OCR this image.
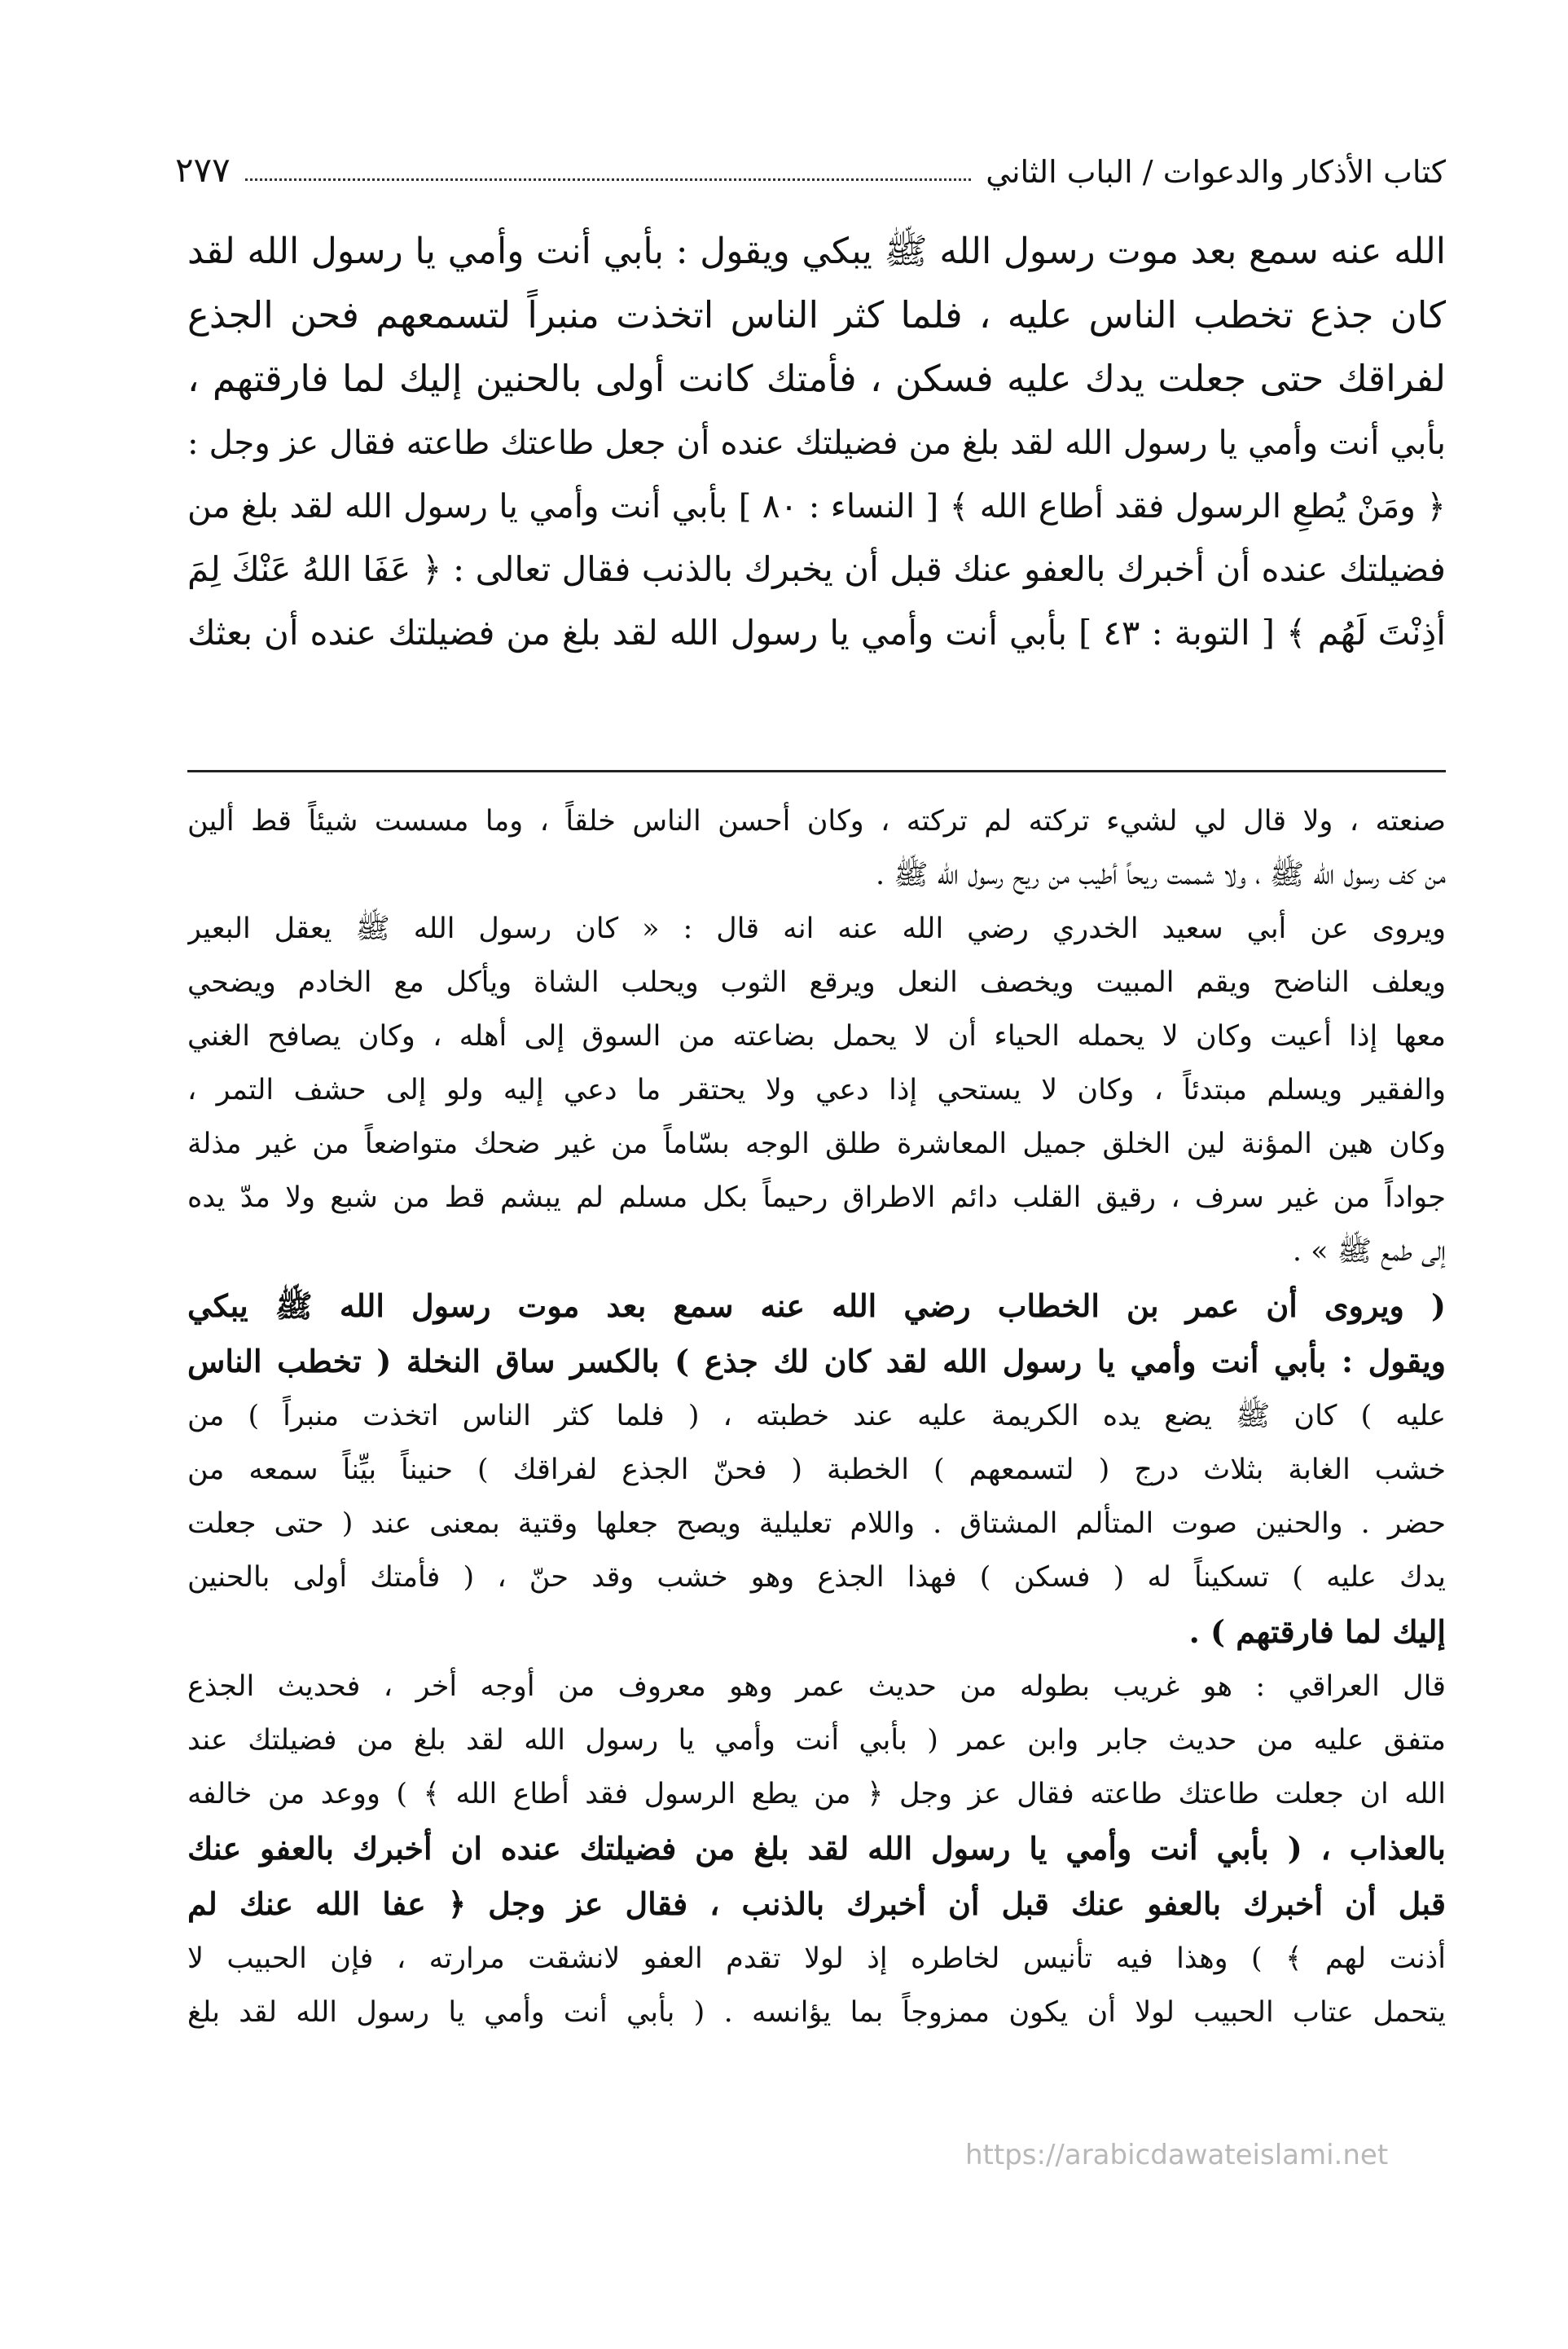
كتاب الأذكار والدعوات / الباب الثاني
٢٧٧

الله عنه سمع بعد موت رسول الله ﷺ يبكي ويقول : بأبي أنت وأمي يا رسول الله لقد

كان جذع تخطب الناس عليه ، فلما كثر الناس اتخذت منبراً لتسمعهم فحن الجذع

لفراقك حتى جعلت يدك عليه فسكن ، فأمتك كانت أولى بالحنين إليك لما فارقتهم ،

بأبي أنت وأمي يا رسول الله لقد بلغ من فضيلتك عنده أن جعل طاعتك طاعته فقال عز وجل :

﴿ ومَنْ يُطعِ الرسول فقد أطاع الله ﴾ [ النساء : ٨٠ ] بأبي أنت وأمي يا رسول الله لقد بلغ من

فضيلتك عنده أن أخبرك بالعفو عنك قبل أن يخبرك بالذنب فقال تعالى : ﴿ عَفَا اللهُ عَنْكَ لِمَ

أذِنْتَ لَهُم ﴾ [ التوبة : ٤٣ ] بأبي أنت وأمي يا رسول الله لقد بلغ من فضيلتك عنده أن بعثك

صنعته ، ولا قال لي لشيء تركته لم تركته ، وكان أحسن الناس خلقاً ، وما مسست شيئاً قط ألين

من كف رسول الله ﷺ ، ولا شممت ريحاً أطيب من ريح رسول الله ﷺ .

ويروى عن أبي سعيد الخدري رضي الله عنه انه قال : « كان رسول الله ﷺ يعقل البعير

ويعلف الناضح ويقم المبيت ويخصف النعل ويرقع الثوب ويحلب الشاة ويأكل مع الخادم ويضحي

معها إذا أعيت وكان لا يحمله الحياء أن لا يحمل بضاعته من السوق إلى أهله ، وكان يصافح الغني

والفقير ويسلم مبتدئاً ، وكان لا يستحي إذا دعي ولا يحتقر ما دعي إليه ولو إلى حشف التمر ،

وكان هين المؤنة لين الخلق جميل المعاشرة طلق الوجه بسّاماً من غير ضحك متواضعاً من غير مذلة

جواداً من غير سرف ، رقيق القلب دائم الاطراق رحيماً بكل مسلم لم يبشم قط من شبع ولا مدّ يده

إلى طمع ﷺ » .

( ويروى أن عمر بن الخطاب رضي الله عنه سمع بعد موت رسول الله ﷺ يبكي

ويقول : بأبي أنت وأمي يا رسول الله لقد كان لك جذع ) بالكسر ساق النخلة ( تخطب الناس

عليه ) كان ﷺ يضع يده الكريمة عليه عند خطبته ، ( فلما كثر الناس اتخذت منبراً ) من

خشب الغابة بثلاث درج ( لتسمعهم ) الخطبة ( فحنّ الجذع لفراقك ) حنيناً بيِّناً سمعه من

حضر . والحنين صوت المتألم المشتاق . واللام تعليلية ويصح جعلها وقتية بمعنى عند ( حتى جعلت

يدك عليه ) تسكيناً له ( فسكن ) فهذا الجذع وهو خشب وقد حنّ ، ( فأمتك أولى بالحنين

إليك لما فارقتهم ) .

قال العراقي : هو غريب بطوله من حديث عمر وهو معروف من أوجه أخر ، فحديث الجذع

متفق عليه من حديث جابر وابن عمر ( بأبي أنت وأمي يا رسول الله لقد بلغ من فضيلتك عند

الله ان جعلت طاعتك طاعته فقال عز وجل ﴿ من يطع الرسول فقد أطاع الله ﴾ ) ووعد من خالفه

بالعذاب ، ( بأبي أنت وأمي يا رسول الله لقد بلغ من فضيلتك عنده ان أخبرك بالعفو عنك

قبل أن أخبرك بالعفو عنك قبل أن أخبرك بالذنب ، فقال عز وجل ﴿ عفا الله عنك لم

أذنت لهم ﴾ ) وهذا فيه تأنيس لخاطره إذ لولا تقدم العفو لانشقت مرارته ، فإن الحبيب لا

يتحمل عتاب الحبيب لولا أن يكون ممزوجاً بما يؤانسه . ( بأبي أنت وأمي يا رسول الله لقد بلغ

https://arabicdawateislami.net
